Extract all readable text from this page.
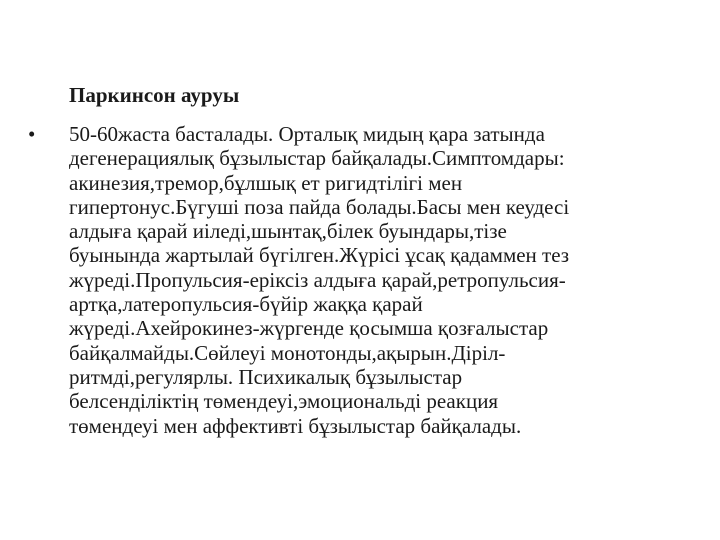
Паркинсон ауруы
• 50-60жаста басталады. Орталық мидың қара затында
дегенерациялық бұзылыстар байқалады.Симптомдары:
акинезия,тремор,бұлшық ет ригидтілігі мен
гипертонус.Бүгуші поза пайда болады.Басы мен кеудесі
алдыға қарай иіледі,шынтақ,білек буындары,тізе
буынында жартылай бүгілген.Жүрісі ұсақ қадаммен тез
жүреді.Пропульсия-еріксіз алдыға қарай,ретропульсия-
артқа,латеропульсия-бүйір жаққа қарай
жүреді.Ахейрокинез-жүргенде қосымша қозғалыстар
байқалмайды.Сөйлеуі монотонды,ақырын.Діріл-
ритмді,регулярлы. Психикалық бұзылыстар
белсенділіктің төмендеуі,эмоциональді реакция
төмендеуі мен аффективті бұзылыстар байқалады.
